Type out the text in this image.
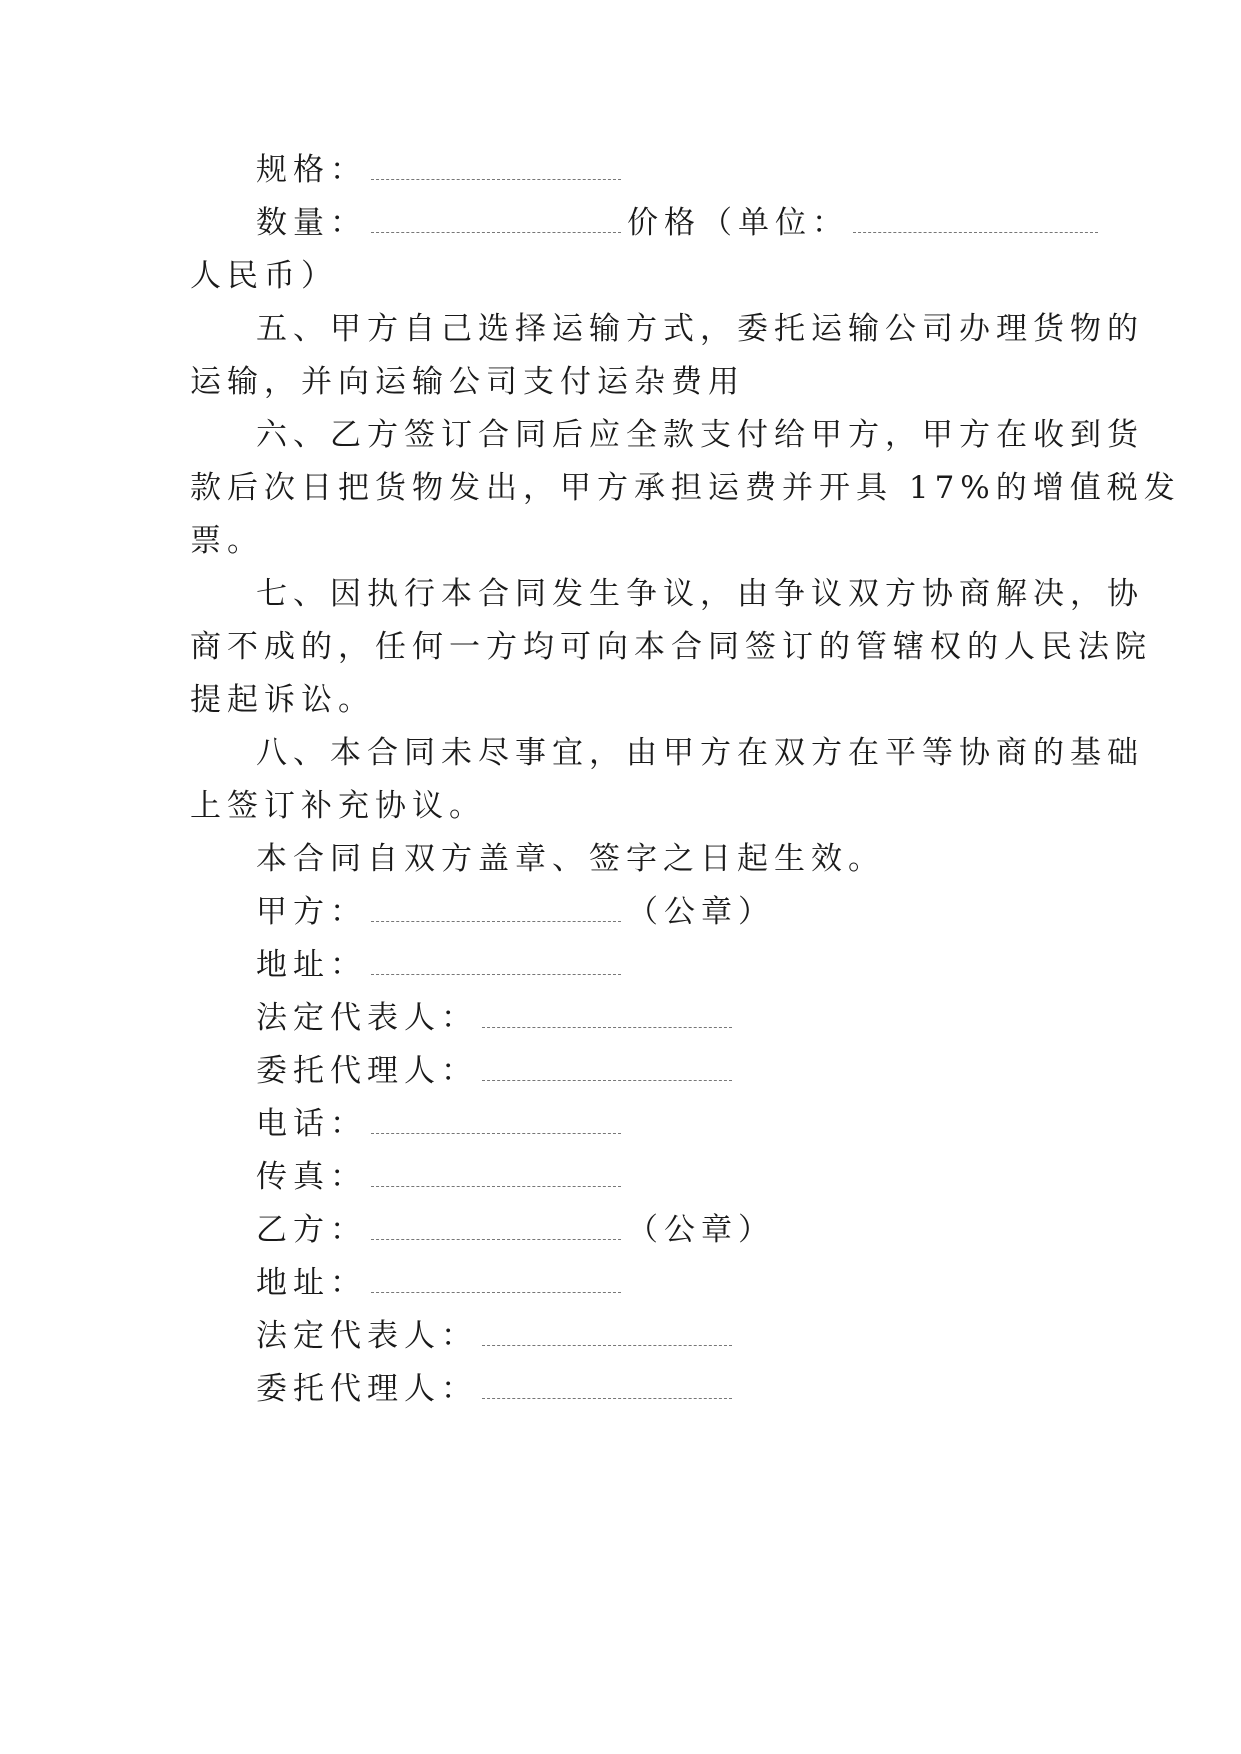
规格：
数量：	价格（单位：
人民币）
五、甲方自己选择运输方式，委托运输公司办理货物的
运输，并向运输公司支付运杂费用
六、乙方签订合同后应全款支付给甲方，甲方在收到货
款后次日把货物发出，甲方承担运费并开具 17%的增值税发
票。
七、因执行本合同发生争议，由争议双方协商解决，协
商不成的，任何一方均可向本合同签订的管辖权的人民法院
提起诉讼。
八、本合同未尽事宜，由甲方在双方在平等协商的基础
上签订补充协议。
本合同自双方盖章、签字之日起生效。
甲方：	（公章）
地址：
法定代表人：
委托代理人：
电话：
传真：
乙方：	（公章）
地址：
法定代表人：
委托代理人：
